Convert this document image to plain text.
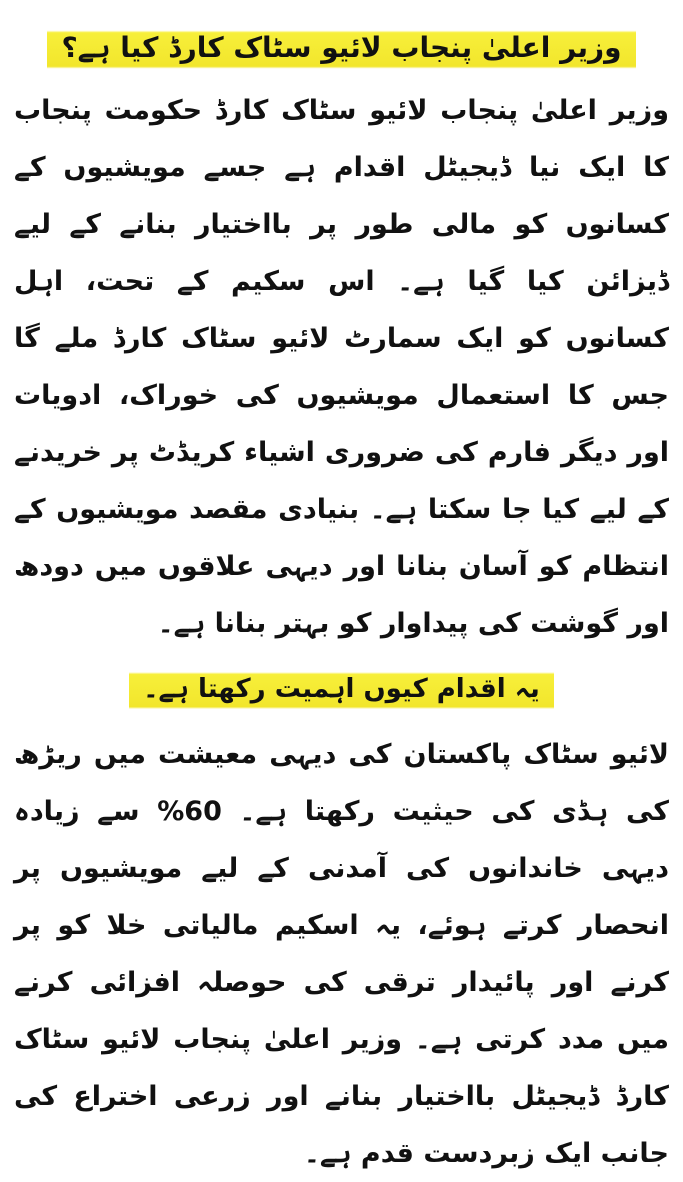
وزیر اعلیٰ پنجاب لائیو سٹاک کارڈ کیا ہے؟

وزیر اعلیٰ پنجاب لائیو سٹاک کارڈ حکومت پنجاب کا ایک نیا ڈیجیٹل اقدام ہے جسے مویشیوں کے کسانوں کو مالی طور پر بااختیار بنانے کے لیے ڈیزائن کیا گیا ہے۔ اس سکیم کے تحت، اہل کسانوں کو ایک سمارٹ لائیو سٹاک کارڈ ملے گا جس کا استعمال مویشیوں کی خوراک، ادویات اور دیگر فارم کی ضروری اشیاء کریڈٹ پر خریدنے کے لیے کیا جا سکتا ہے۔ بنیادی مقصد مویشیوں کے انتظام کو آسان بنانا اور دیہی علاقوں میں دودھ اور گوشت کی پیداوار کو بہتر بنانا ہے۔

یہ اقدام کیوں اہمیت رکھتا ہے۔

لائیو سٹاک پاکستان کی دیہی معیشت میں ریڑھ کی ہڈی کی حیثیت رکھتا ہے۔ 60% سے زیادہ دیہی خاندانوں کی آمدنی کے لیے مویشیوں پر انحصار کرتے ہوئے، یہ اسکیم مالیاتی خلا کو پر کرنے اور پائیدار ترقی کی حوصلہ افزائی کرنے میں مدد کرتی ہے۔ وزیر اعلیٰ پنجاب لائیو سٹاک کارڈ ڈیجیٹل بااختیار بنانے اور زرعی اختراع کی جانب ایک زبردست قدم ہے۔
